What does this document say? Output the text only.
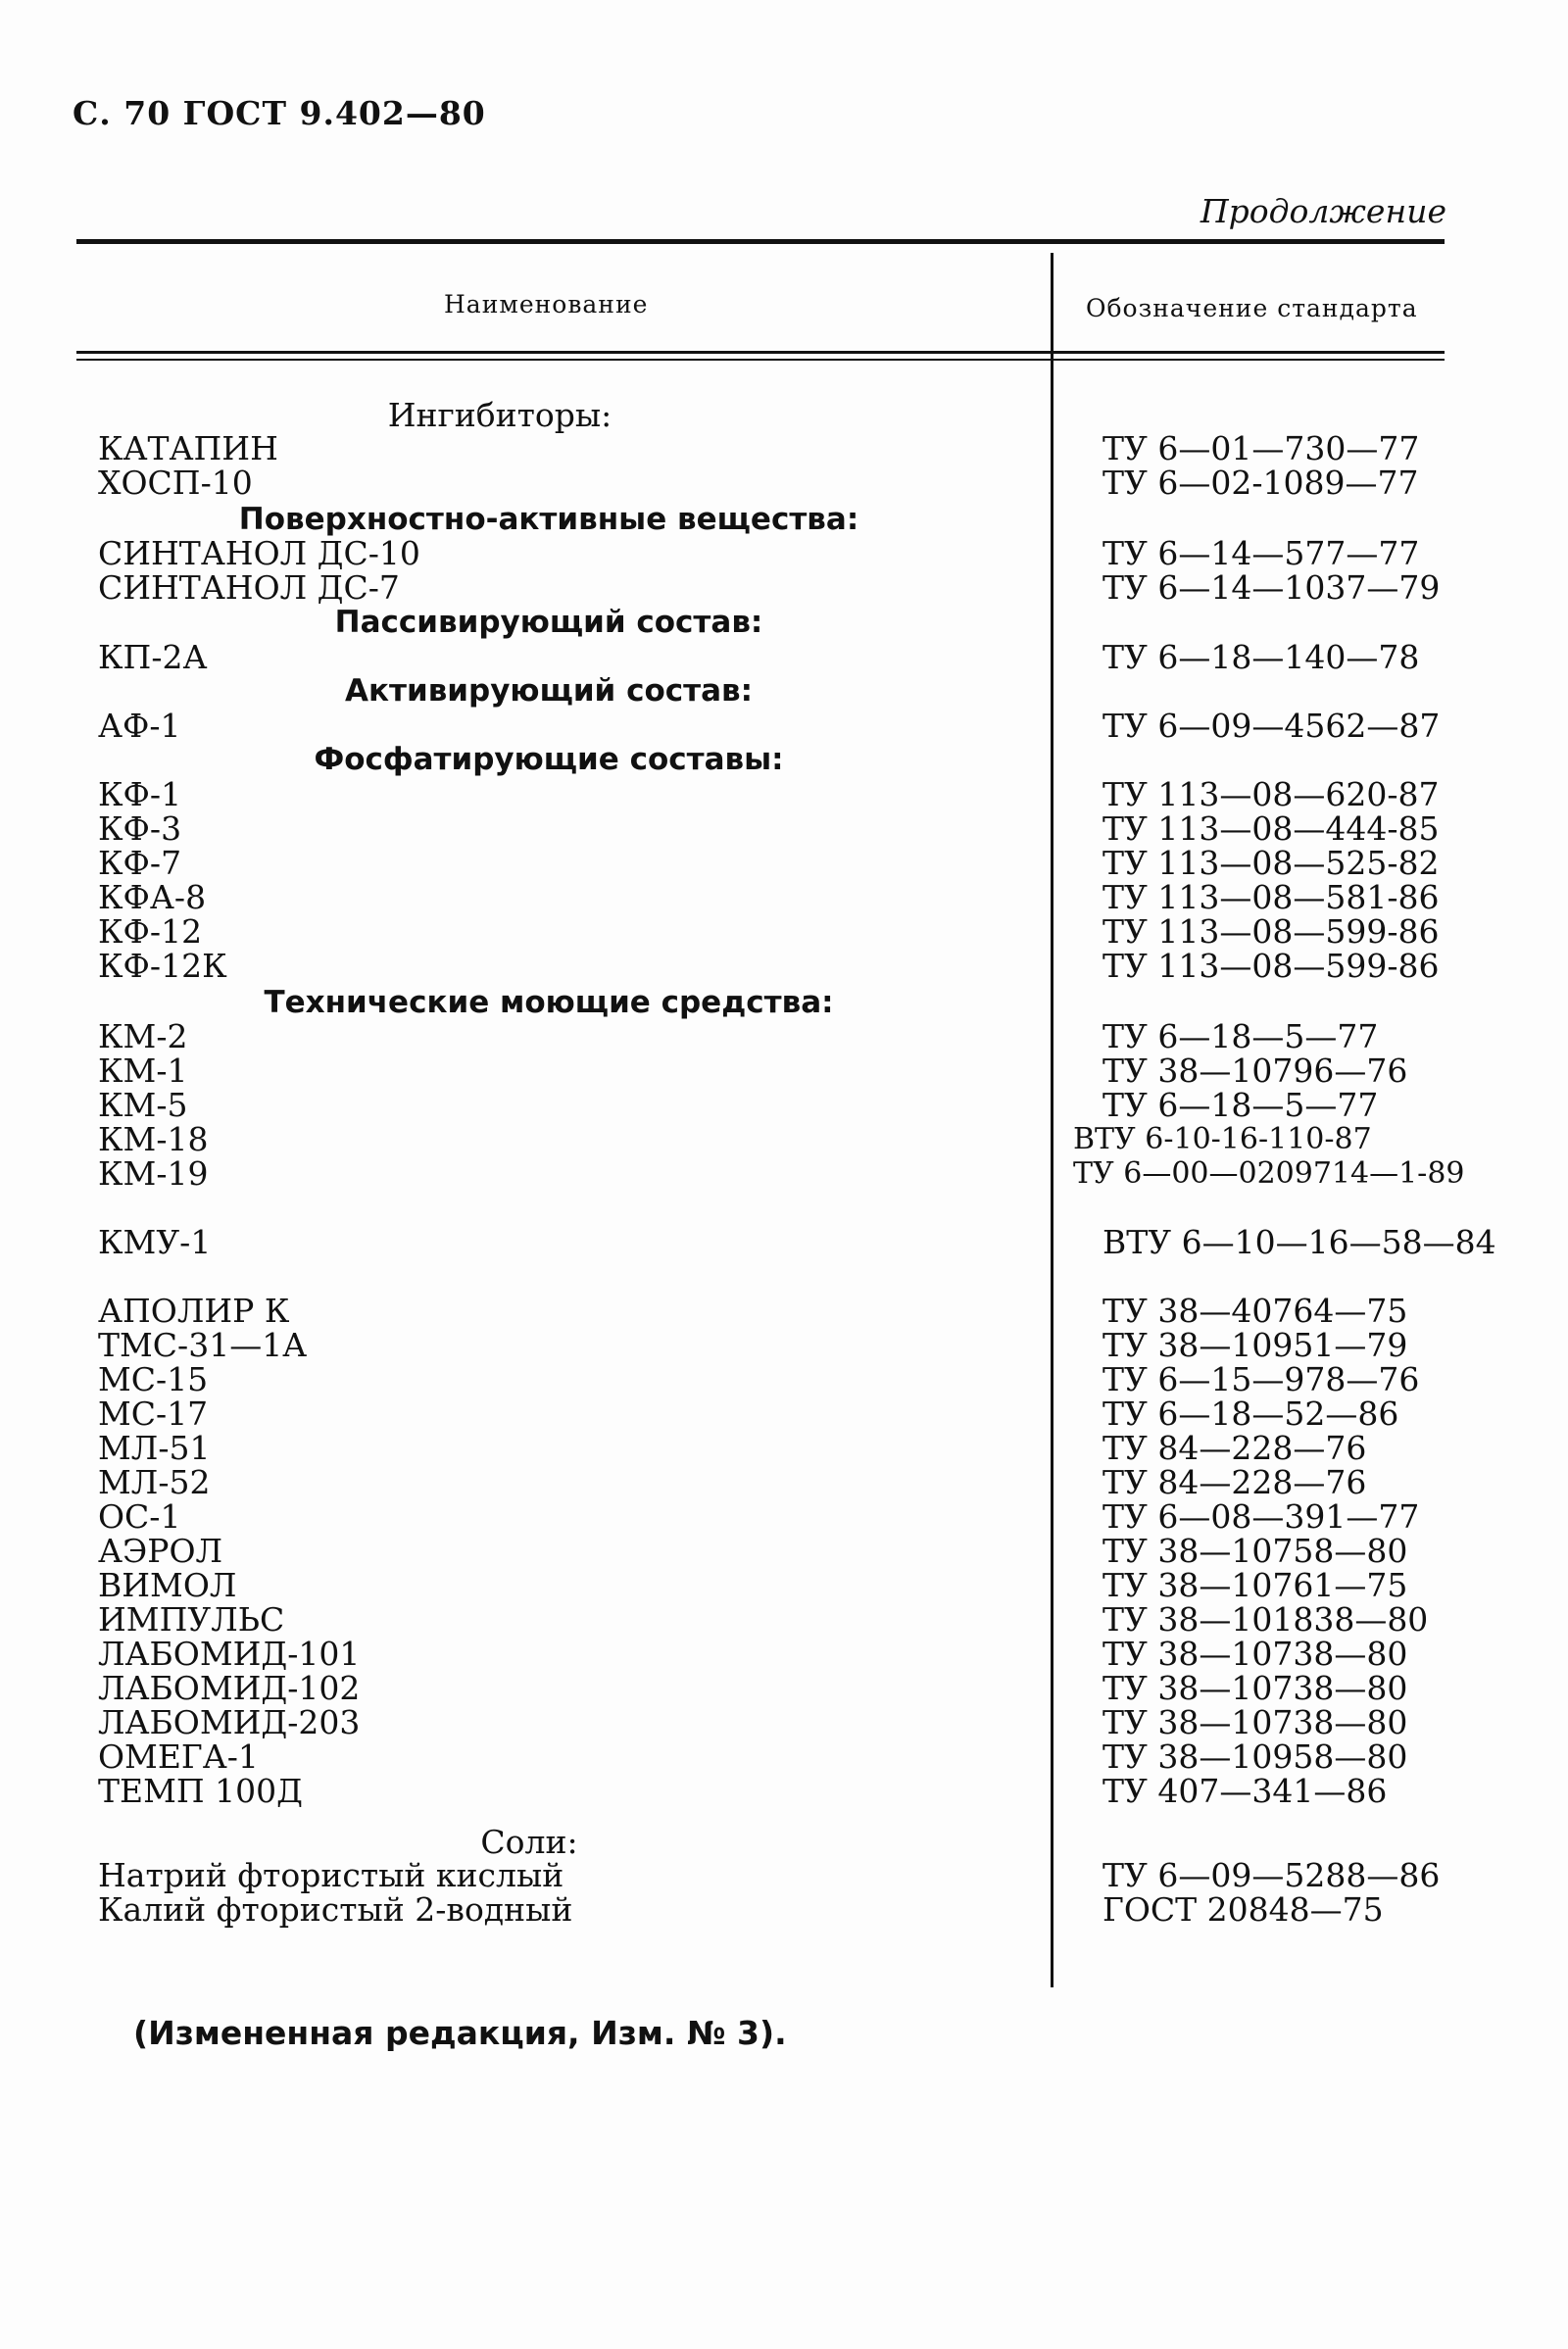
С. 70 ГОСТ 9.402—80
Продолжение
Наименование	Обозначение стандарта
Ингибиторы:
КАТАПИН	ТУ 6—01—730—77
ХОСП-10	ТУ 6—02-1089—77
Поверхностно-активные вещества:
СИНТАНОЛ ДС-10	ТУ 6—14—577—77
СИНТАНОЛ ДС-7	ТУ 6—14—1037—79
Пассивирующий состав:
КП-2А	ТУ 6—18—140—78
Активирующий состав:
АФ-1	ТУ 6—09—4562—87
Фосфатирующие составы:
КФ-1	ТУ 113—08—620-87
КФ-3	ТУ 113—08—444-85
КФ-7	ТУ 113—08—525-82
КФА-8	ТУ 113—08—581-86
КФ-12	ТУ 113—08—599-86
КФ-12К	ТУ 113—08—599-86
Технические моющие средства:
КМ-2	ТУ 6—18—5—77
КМ-1	ТУ 38—10796—76
КМ-5	ТУ 6—18—5—77
КМ-18	ВТУ 6-10-16-110-87
КМ-19	ТУ 6—00—0209714—1-89
КМУ-1	ВТУ 6—10—16—58—84
АПОЛИР К	ТУ 38—40764—75
ТМС-31—1А	ТУ 38—10951—79
МС-15	ТУ 6—15—978—76
МС-17	ТУ 6—18—52—86
МЛ-51	ТУ 84—228—76
МЛ-52	ТУ 84—228—76
ОС-1	ТУ 6—08—391—77
АЭРОЛ	ТУ 38—10758—80
ВИМОЛ	ТУ 38—10761—75
ИМПУЛЬС	ТУ 38—101838—80
ЛАБОМИД-101	ТУ 38—10738—80
ЛАБОМИД-102	ТУ 38—10738—80
ЛАБОМИД-203	ТУ 38—10738—80
ОМЕГА-1	ТУ 38—10958—80
ТЕМП 100Д	ТУ 407—341—86
Соли:
Натрий фтористый кислый	ТУ 6—09—5288—86
Калий фтористый 2-водный	ГОСТ 20848—75
(Измененная редакция, Изм. № 3).
